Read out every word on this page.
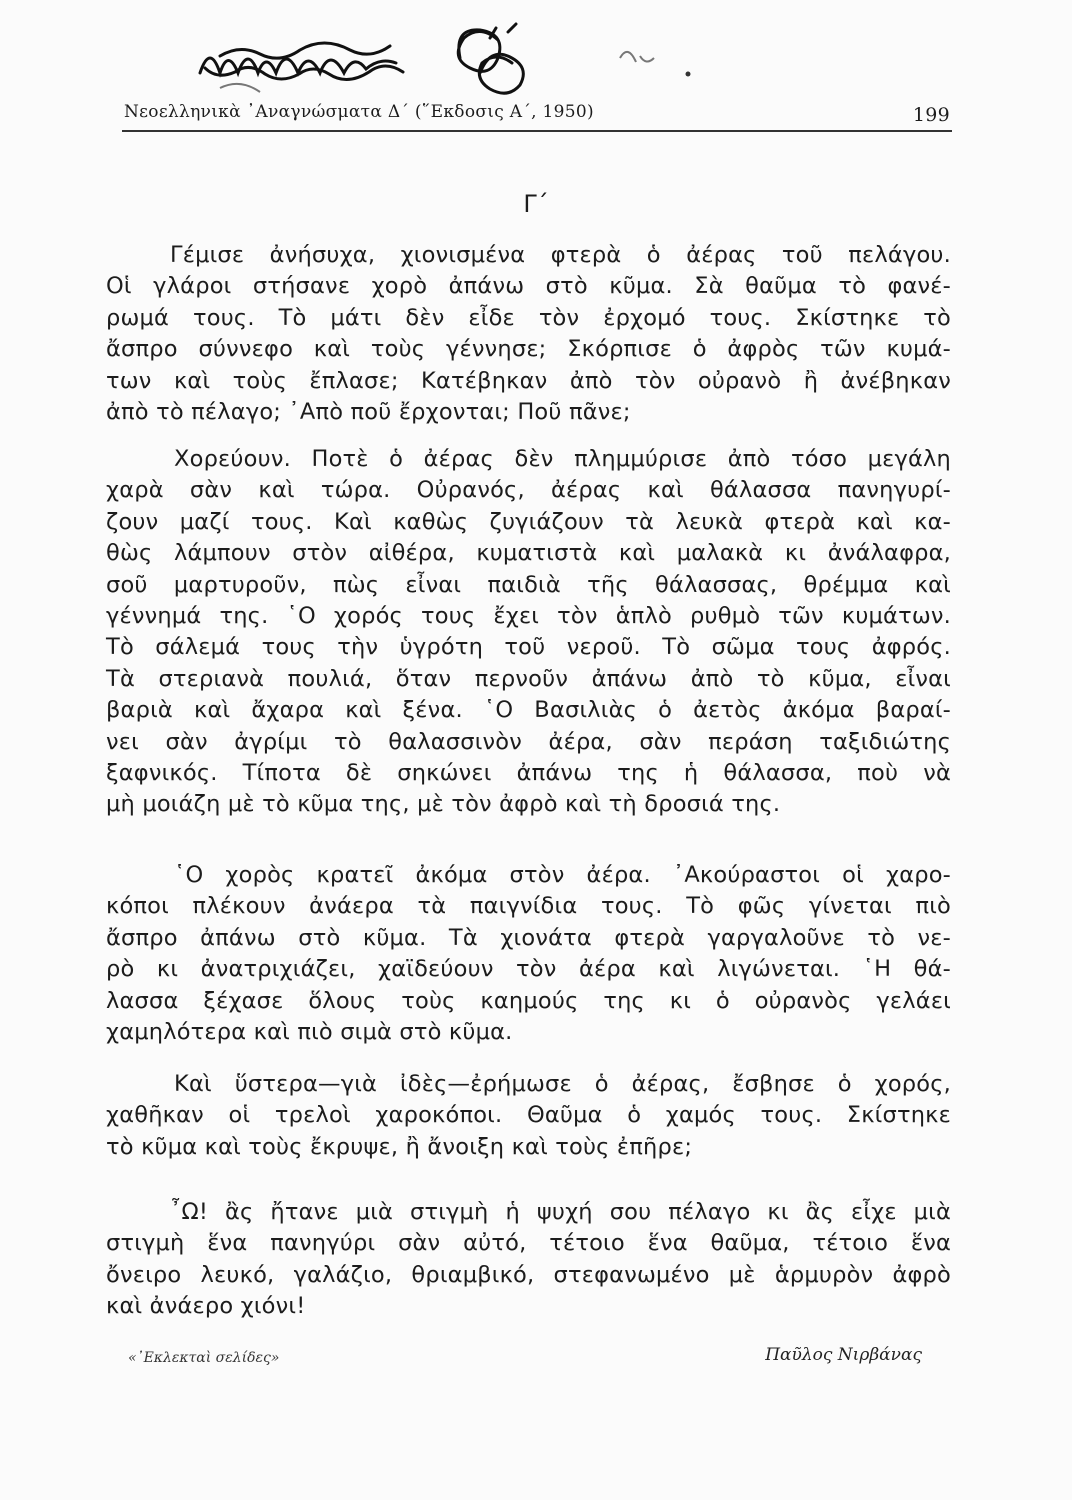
Νεοελληνικὰ ᾿Αναγνώσματα Δ΄ (῞Εκδοσις Α΄, 1950)	199
Γ΄
Γέμισε ἀνήσυχα, χιονισμένα φτερὰ ὁ ἀέρας τοῦ πελάγου.
Οἱ γλάροι στήσανε χορὸ ἀπάνω στὸ κῦμα. Σὰ θαῦμα τὸ φανέ-
ρωμά τους. Τὸ μάτι δὲν εἶδε τὸν ἐρχομό τους. Σκίστηκε τὸ
ἄσπρο σύννεφο καὶ τοὺς γέννησε; Σκόρπισε ὁ ἀφρὸς τῶν κυμά-
των καὶ τοὺς ἔπλασε; Κατέβηκαν ἀπὸ τὸν οὐρανὸ ἢ ἀνέβηκαν
ἀπὸ τὸ πέλαγο; ᾿Απὸ ποῦ ἔρχονται; Ποῦ πᾶνε;
Χορεύουν. Ποτὲ ὁ ἀέρας δὲν πλημμύρισε ἀπὸ τόσο μεγάλη
χαρὰ σὰν καὶ τώρα. Οὐρανός, ἀέρας καὶ θάλασσα πανηγυρί-
ζουν μαζί τους. Καὶ καθὼς ζυγιάζουν τὰ λευκὰ φτερὰ καὶ κα-
θὼς λάμπουν στὸν αἰθέρα, κυματιστὰ καὶ μαλακὰ κι ἀνάλαφρα,
σοῦ μαρτυροῦν, πὼς εἶναι παιδιὰ τῆς θάλασσας, θρέμμα καὶ
γέννημά της. ῾Ο χορός τους ἔχει τὸν ἁπλὸ ρυθμὸ τῶν κυμάτων.
Τὸ σάλεμά τους τὴν ὑγρότη τοῦ νεροῦ. Τὸ σῶμα τους ἀφρός.
Τὰ στεριανὰ πουλιά, ὅταν περνοῦν ἀπάνω ἀπὸ τὸ κῦμα, εἶναι
βαριὰ καὶ ἄχαρα καὶ ξένα. ῾Ο Βασιλιὰς ὁ ἀετὸς ἀκόμα βαραί-
νει σὰν ἀγρίμι τὸ θαλασσινὸν ἀέρα, σὰν περάση ταξιδιώτης
ξαφνικός. Τίποτα δὲ σηκώνει ἀπάνω της ἡ θάλασσα, ποὺ νὰ
μὴ μοιάζη μὲ τὸ κῦμα της, μὲ τὸν ἀφρὸ καὶ τὴ δροσιά της.
῾Ο χορὸς κρατεῖ ἀκόμα στὸν ἀέρα. ᾿Ακούραστοι οἱ χαρο-
κόποι πλέκουν ἀνάερα τὰ παιγνίδια τους. Τὸ φῶς γίνεται πιὸ
ἄσπρο ἀπάνω στὸ κῦμα. Τὰ χιονάτα φτερὰ γαργαλοῦνε τὸ νε-
ρὸ κι ἀνατριχιάζει, χαϊδεύουν τὸν ἀέρα καὶ λιγώνεται. ῾Η θά-
λασσα ξέχασε ὅλους τοὺς καημούς της κι ὁ οὐρανὸς γελάει
χαμηλότερα καὶ πιὸ σιμὰ στὸ κῦμα.
Καὶ ὕστερα—γιὰ ἰδὲς—ἐρήμωσε ὁ ἀέρας, ἔσβησε ὁ χορός,
χαθῆκαν οἱ τρελοὶ χαροκόποι. Θαῦμα ὁ χαμός τους. Σκίστηκε
τὸ κῦμα καὶ τοὺς ἔκρυψε, ἢ ἄνοιξη καὶ τοὺς ἐπῆρε;
῏Ω! ἂς ἤτανε μιὰ στιγμὴ ἡ ψυχή σου πέλαγο κι ἂς εἶχε μιὰ
στιγμὴ ἕνα πανηγύρι σὰν αὐτό, τέτοιο ἕνα θαῦμα, τέτοιο ἕνα
ὄνειρο λευκό, γαλάζιο, θριαμβικό, στεφανωμένο μὲ ἁρμυρὸν ἀφρὸ
καὶ ἀνάερο χιόνι!
«᾿Εκλεκταὶ σελίδες»	Παῦλος Νιρβάνας
